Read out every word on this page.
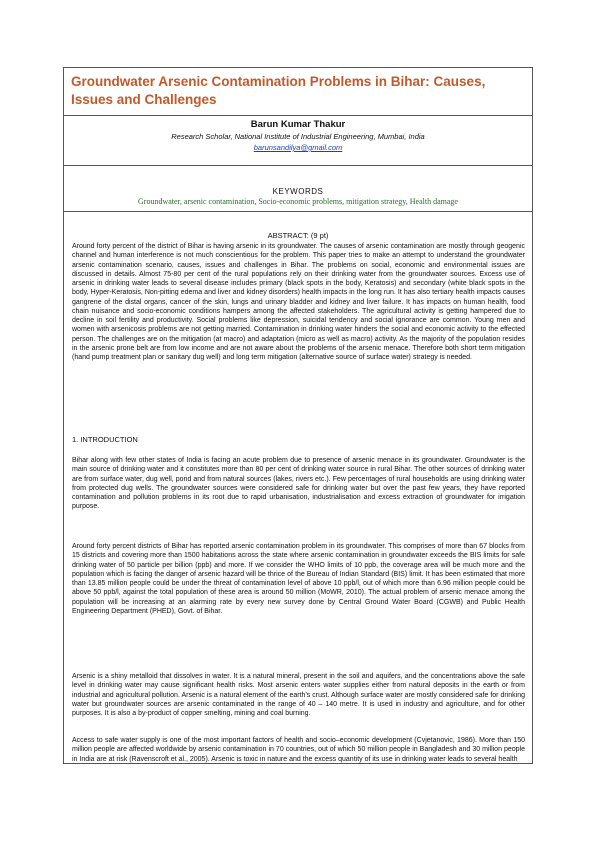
Groundwater Arsenic Contamination Problems in Bihar: Causes, Issues and Challenges
Barun Kumar Thakur
Research Scholar, National Institute of Industrial Engineering, Mumbai, India
barunsandilya@gmail.com
KEYWORDS
Groundwater, arsenic contamination, Socio-economic problems, mitigation strategy, Health damage
ABSTRACT: (9 pt)

Around forty percent of the district of Bihar is having arsenic in its groundwater. The causes of arsenic contamination are mostly through geogenic channel and human interference is not much conscientious for the problem. This paper tries to make an attempt to understand the groundwater arsenic contamination scenario, causes, issues and challenges in Bihar. The problems on social, economic and environmental issues are discussed in details. Almost 75-80 per cent of the rural populations rely on their drinking water from the groundwater sources. Excess use of arsenic in drinking water leads to several disease includes primary (black spots in the body, Keratosis) and secondary (white black spots in the body, Hyper-Keratosis, Non-pitting edema and liver and kidney disorders) health impacts in the long run. It has also tertiary health impacts causes gangrene of the distal organs, cancer of the skin, lungs and urinary bladder and kidney and liver failure. It has impacts on human health, food chain nuisance and socio-economic conditions hampers among the affected stakeholders. The agricultural activity is getting hampered due to decline in soil fertility and productivity. Social problems like depression, suicidal tendency and social ignorance are common. Young men and women with arsenicosis problems are not getting married. Contamination in drinking water hinders the social and economic activity to the effected person. The challenges are on the mitigation (at macro) and adaptation (micro as well as macro) activity. As the majority of the population resides in the arsenic prone belt are from low income and are not aware about the problems of the arsenic menace. Therefore both short term mitigation (hand pump treatment plan or sanitary dug well) and long term mitigation (alternative source of surface water) strategy is needed.

1. INTRODUCTION

Bihar along with few other states of India is facing an acute problem due to presence of arsenic menace in its groundwater. Groundwater is the main source of drinking water and it constitutes more than 80 per cent of drinking water source in rural Bihar. The other sources of drinking water are from surface water, dug well, pond and from natural sources (lakes, rivers etc.). Few percentages of rural households are using drinking water from protected dug wells. The groundwater sources were considered safe for drinking water but over the past few years, they have reported contamination and pollution problems in its root due to rapid urbanisation, industrialisation and excess extraction of groundwater for irrigation purpose.

Around forty percent districts of Bihar has reported arsenic contamination problem in its groundwater. This comprises of more than 67 blocks from 15 districts and covering more than 1500 habitations across the state where arsenic contamination in groundwater exceeds the BIS limits for safe drinking water of 50 particle per billion (ppb) and more. If we consider the WHO limits of 10 ppb, the coverage area will be much more and the population which is facing the danger of arsenic hazard will be thrice of the Bureau of Indian Standard (BIS) limit. It has been estimated that more than 13.85 million people could be under the threat of contamination level of above 10 ppb/l, out of which more than 6.96 million people could be above 50 ppb/l, against the total population of these area is around 50 million (MoWR, 2010). The actual problem of arsenic menace among the population will be increasing at an alarming rate by every new survey done by Central Ground Water Board (CGWB) and Public Health Engineering Department (PHED), Govt. of Bihar.

Arsenic is a shiny metalloid that dissolves in water. It is a natural mineral, present in the soil and aquifers, and the concentrations above the safe level in drinking water may cause significant health risks. Most arsenic enters water supplies either from natural deposits in the earth or from industrial and agricultural pollution. Arsenic is a natural element of the earth's crust. Although surface water are mostly considered safe for drinking water but groundwater sources are arsenic contaminated in the range of 40 – 140 metre. It is used in industry and agriculture, and for other purposes. It is also a by-product of copper smelting, mining and coal burning.

Access to safe water supply is one of the most important factors of health and socio–economic development (Cvjetanovic, 1986). More than 150 million people are affected worldwide by arsenic contamination in 70 countries, out of which 50 million people in Bangladesh and 30 million people in India are at risk (Ravenscroft et al., 2005). Arsenic is toxic in nature and the excess quantity of its use in drinking water leads to several health
